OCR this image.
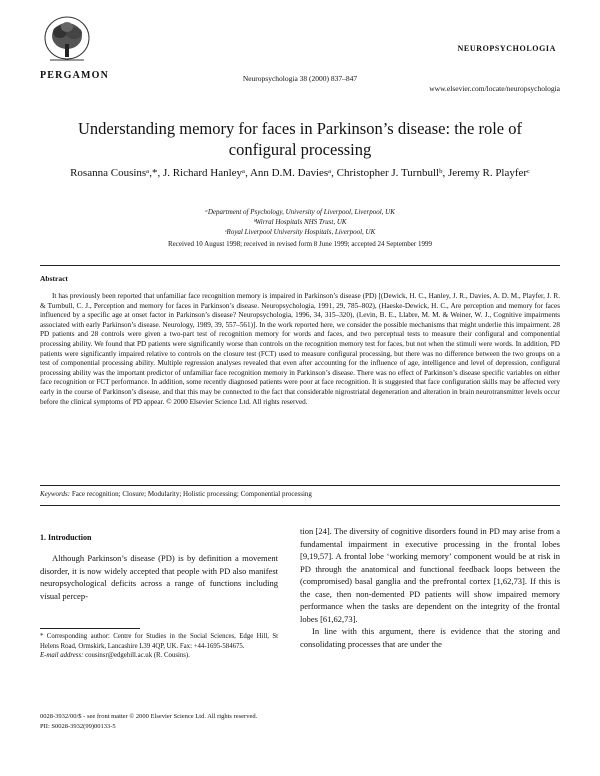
PERGAMON
NEUROPSYCHOLOGIA
Neuropsychologia 38 (2000) 837–847
www.elsevier.com/locate/neuropsychologia
Understanding memory for faces in Parkinson’s disease: the role of configural processing
Rosanna Cousinsᵃ,*, J. Richard Hanleyᵃ, Ann D.M. Daviesᵃ, Christopher J. Turnbullᵇ, Jeremy R. Playferᶜ
ᵃDepartment of Psychology, University of Liverpool, Liverpool, UK
ᵇWirral Hospitals NHS Trust, UK
ᶜRoyal Liverpool University Hospitals, Liverpool, UK
Received 10 August 1998; received in revised form 8 June 1999; accepted 24 September 1999
Abstract
It has previously been reported that unfamiliar face recognition memory is impaired in Parkinson’s disease (PD) [(Dewick, H. C., Hanley, J. R., Davies, A. D. M., Playfer, J. R. & Turnbull, C. J., Perception and memory for faces in Parkinson’s disease. Neuropsychologia, 1991, 29, 785–802), (Haeske-Dewick, H. C., Are perception and memory for faces influenced by a specific age at onset factor in Parkinson’s disease? Neuropsychologia, 1996, 34, 315–320), (Levin, B. E., Llabre, M. M. & Weiner, W. J., Cognitive impairments associated with early Parkinson’s disease. Neurology, 1989, 39, 557–561)]. In the work reported here, we consider the possible mechanisms that might underlie this impairment. 28 PD patients and 28 controls were given a two-part test of recognition memory for words and faces, and two perceptual tests to measure their configural and componential processing ability. We found that PD patients were significantly worse than controls on the recognition memory test for faces, but not when the stimuli were words. In addition, PD patients were significantly impaired relative to controls on the closure test (FCT) used to measure configural processing, but there was no difference between the two groups on a test of componential processing ability. Multiple regression analyses revealed that even after accounting for the influence of age, intelligence and level of depression, configural processing ability was the important predictor of unfamiliar face recognition memory in Parkinson’s disease. There was no effect of Parkinson’s disease specific variables on either face recognition or FCT performance. In addition, some recently diagnosed patients were poor at face recognition. It is suggested that face configuration skills may be affected very early in the course of Parkinson’s disease, and that this may be connected to the fact that considerable nigrostriatal degeneration and alteration in brain neurotransmitter levels occur before the clinical symptoms of PD appear. © 2000 Elsevier Science Ltd. All rights reserved.
Keywords: Face recognition; Closure; Modularity; Holistic processing; Componential processing
1. Introduction

Although Parkinson’s disease (PD) is by definition a movement disorder, it is now widely accepted that people with PD also manifest neuropsychological deficits across a range of functions including visual percep-

tion [24]. The diversity of cognitive disorders found in PD may arise from a fundamental impairment in executive processing in the frontal lobes [9,19,57]. A frontal lobe ‘working memory’ component would be at risk in PD through the anatomical and functional feedback loops between the (compromised) basal ganglia and the prefrontal cortex [1,62,73]. If this is the case, then non-demented PD patients will show impaired memory performance when the tasks are dependent on the integrity of the frontal lobes [61,62,73].

In line with this argument, there is evidence that the storing and consolidating processes that are under the

* Corresponding author: Centre for Studies in the Social Sciences, Edge Hill, St Helens Road, Ormskirk, Lancashire L39 4QP, UK. Fax: +44-1695-584675.
E-mail address: cousinsr@edgehill.ac.uk (R. Cousins).
0028-3932/00/$ - see front matter © 2000 Elsevier Science Ltd. All rights reserved.
PII: S0028-3932(99)00133-5
